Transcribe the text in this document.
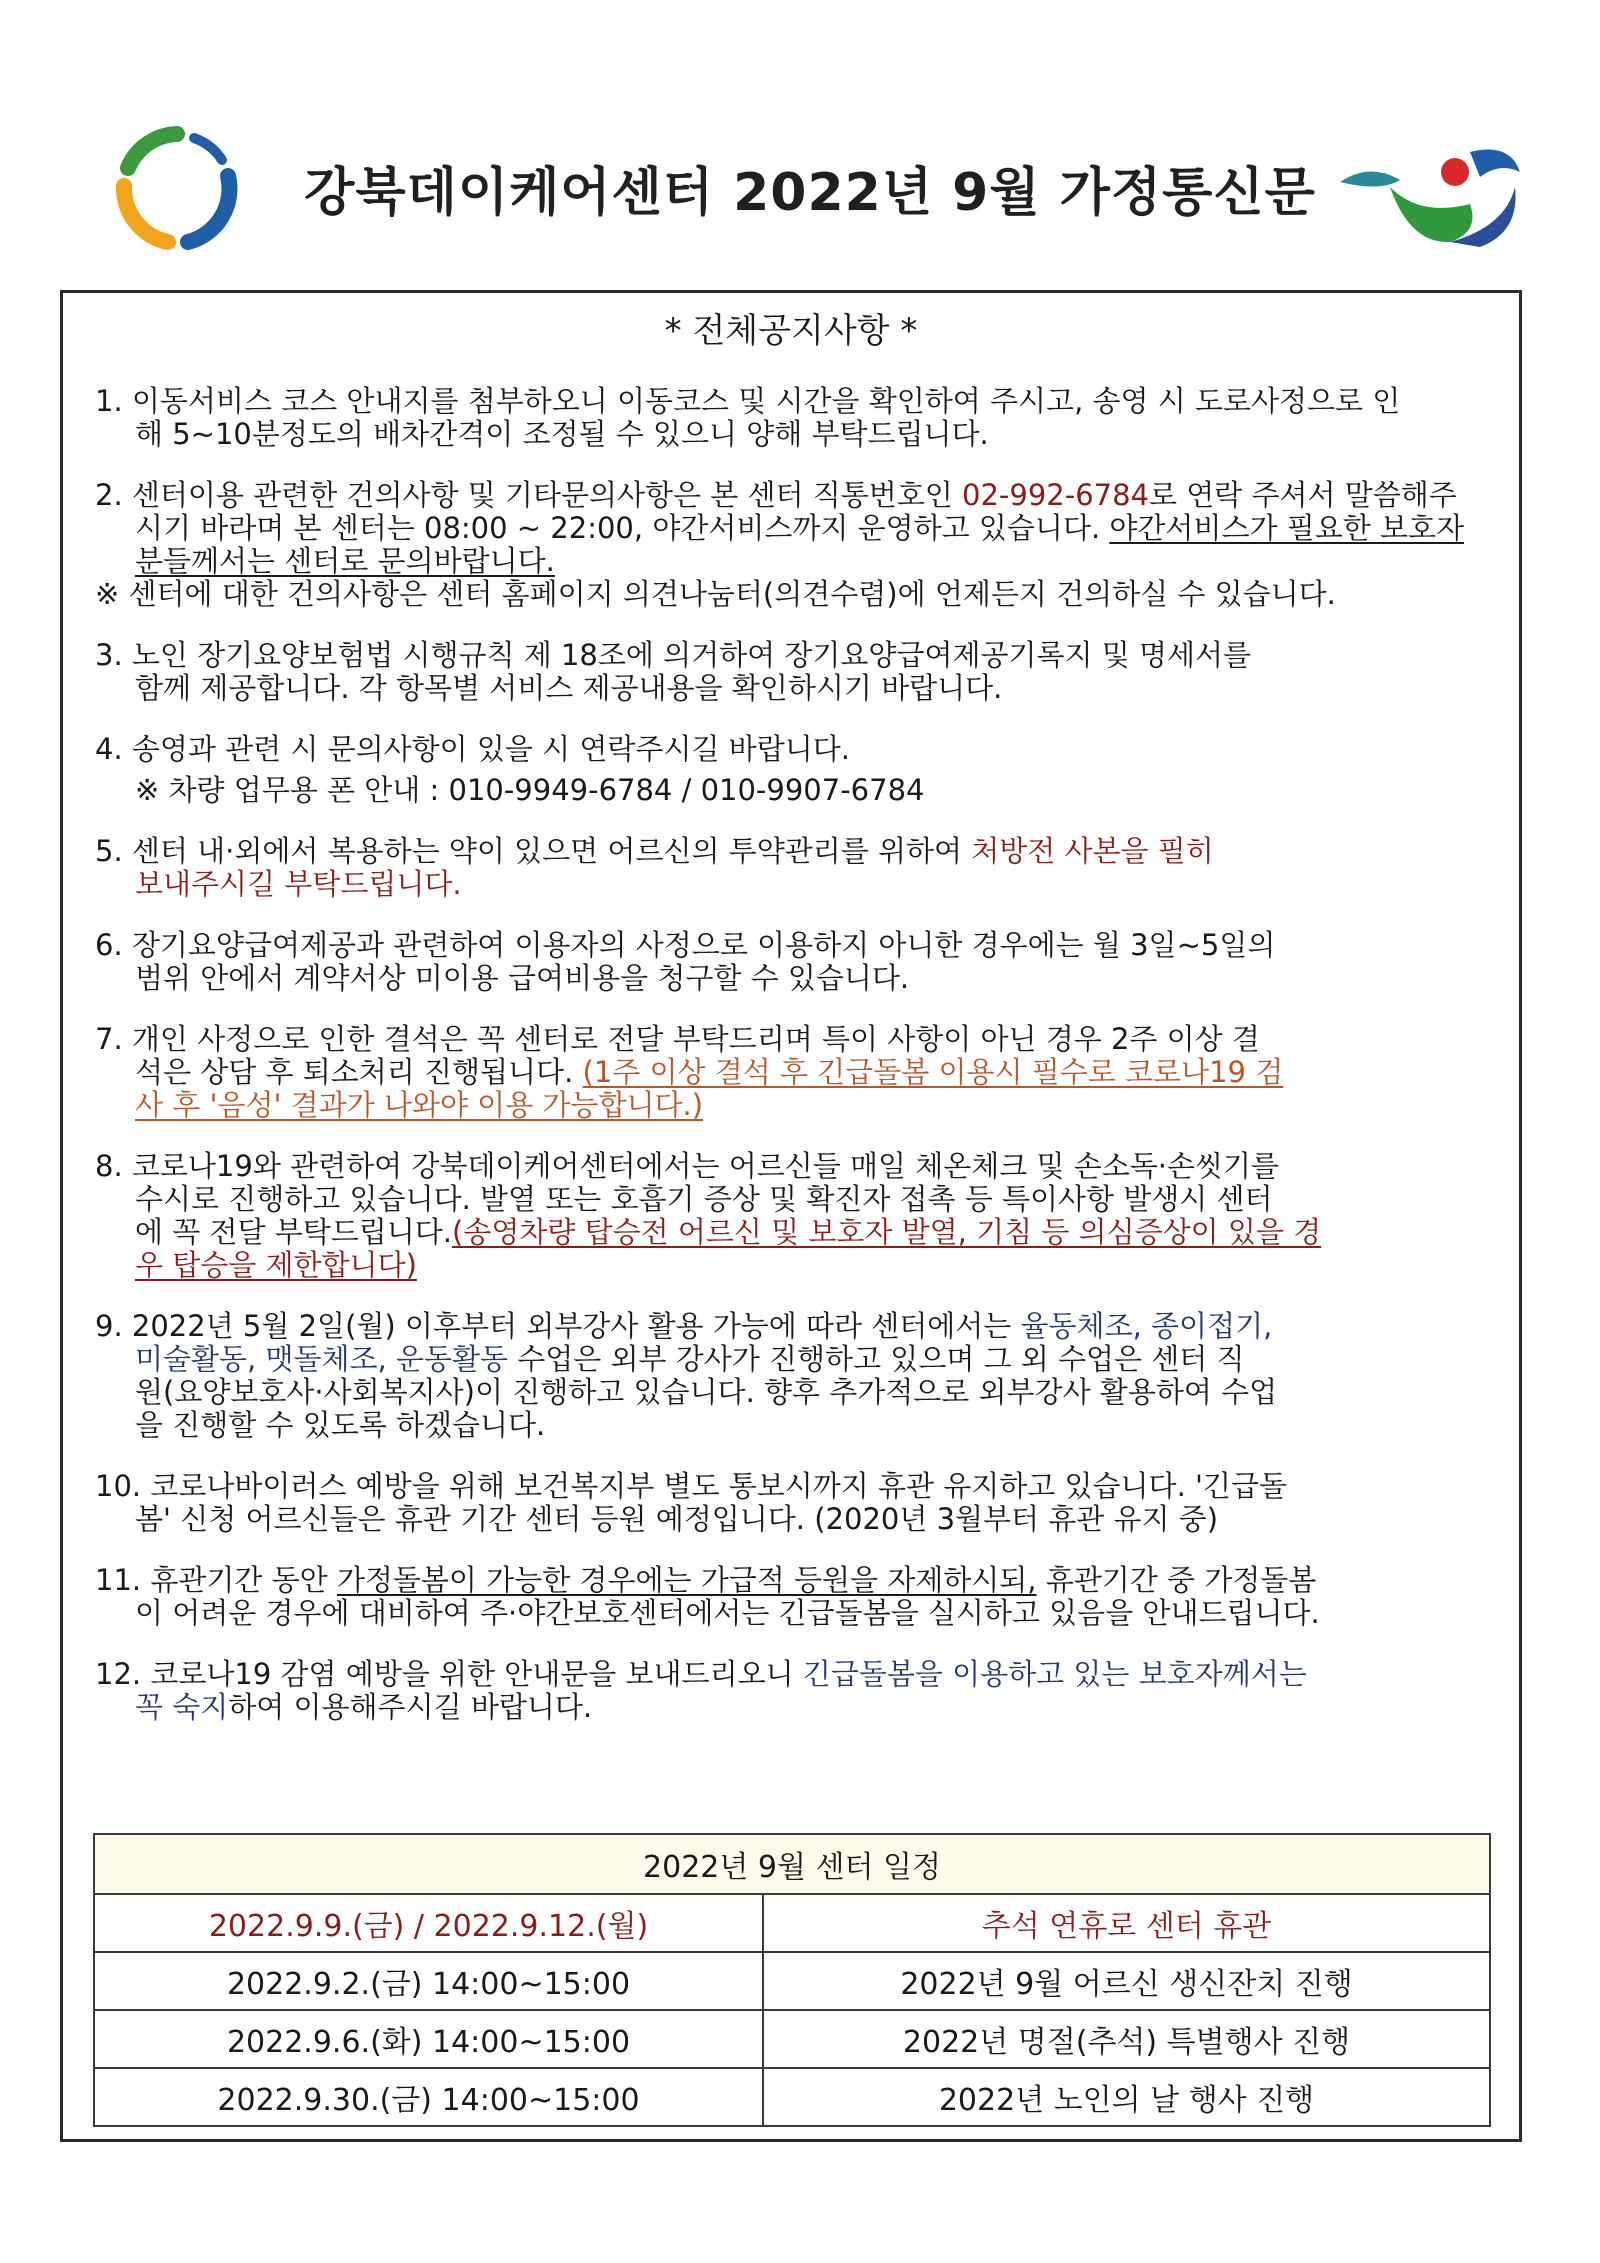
강북데이케어센터 2022년 9월 가정통신문
* 전체공지사항 *
1. 이동서비스 코스 안내지를 첨부하오니 이동코스 및 시간을 확인하여 주시고, 송영 시 도로사정으로 인
해 5~10분정도의 배차간격이 조정될 수 있으니 양해 부탁드립니다.
2. 센터이용 관련한 건의사항 및 기타문의사항은 본 센터 직통번호인 02-992-6784로 연락 주셔서 말씀해주
시기 바라며 본 센터는 08:00 ~ 22:00, 야간서비스까지 운영하고 있습니다. 야간서비스가 필요한 보호자
분들께서는 센터로 문의바랍니다.
※ 센터에 대한 건의사항은 센터 홈페이지 의견나눔터(의견수렴)에 언제든지 건의하실 수 있습니다.
3. 노인 장기요양보험법 시행규칙 제 18조에 의거하여 장기요양급여제공기록지 및 명세서를
함께 제공합니다. 각 항목별 서비스 제공내용을 확인하시기 바랍니다.
4. 송영과 관련 시 문의사항이 있을 시 연락주시길 바랍니다.
※ 차량 업무용 폰 안내 : 010-9949-6784 / 010-9907-6784
5. 센터 내·외에서 복용하는 약이 있으면 어르신의 투약관리를 위하여 처방전 사본을 필히
보내주시길 부탁드립니다.
6. 장기요양급여제공과 관련하여 이용자의 사정으로 이용하지 아니한 경우에는 월 3일~5일의
범위 안에서 계약서상 미이용 급여비용을 청구할 수 있습니다.
7. 개인 사정으로 인한 결석은 꼭 센터로 전달 부탁드리며 특이 사항이 아닌 경우 2주 이상 결
석은 상담 후 퇴소처리 진행됩니다. (1주 이상 결석 후 긴급돌봄 이용시 필수로 코로나19 검
사 후 '음성' 결과가 나와야 이용 가능합니다.)
8. 코로나19와 관련하여 강북데이케어센터에서는 어르신들 매일 체온체크 및 손소독·손씻기를
수시로 진행하고 있습니다. 발열 또는 호흡기 증상 및 확진자 접촉 등 특이사항 발생시 센터
에 꼭 전달 부탁드립니다.(송영차량 탑승전 어르신 및 보호자 발열, 기침 등 의심증상이 있을 경
우 탑승을 제한합니다)
9. 2022년 5월 2일(월) 이후부터 외부강사 활용 가능에 따라 센터에서는 율동체조, 종이접기,
미술활동, 맷돌체조, 운동활동 수업은 외부 강사가 진행하고 있으며 그 외 수업은 센터 직
원(요양보호사·사회복지사)이 진행하고 있습니다. 향후 추가적으로 외부강사 활용하여 수업
을 진행할 수 있도록 하겠습니다.
10. 코로나바이러스 예방을 위해 보건복지부 별도 통보시까지 휴관 유지하고 있습니다. '긴급돌
봄' 신청 어르신들은 휴관 기간 센터 등원 예정입니다. (2020년 3월부터 휴관 유지 중)
11. 휴관기간 동안 가정돌봄이 가능한 경우에는 가급적 등원을 자제하시되, 휴관기간 중 가정돌봄
이 어려운 경우에 대비하여 주·야간보호센터에서는 긴급돌봄을 실시하고 있음을 안내드립니다.
12. 코로나19 감염 예방을 위한 안내문을 보내드리오니 긴급돌봄을 이용하고 있는 보호자께서는
꼭 숙지하여 이용해주시길 바랍니다.
2022년 9월 센터 일정	
2022.9.9.(금) / 2022.9.12.(월)	추석 연휴로 센터 휴관
2022.9.2.(금) 14:00~15:00	2022년 9월 어르신 생신잔치 진행
2022.9.6.(화) 14:00~15:00	2022년 명절(추석) 특별행사 진행
2022.9.30.(금) 14:00~15:00	2022년 노인의 날 행사 진행
